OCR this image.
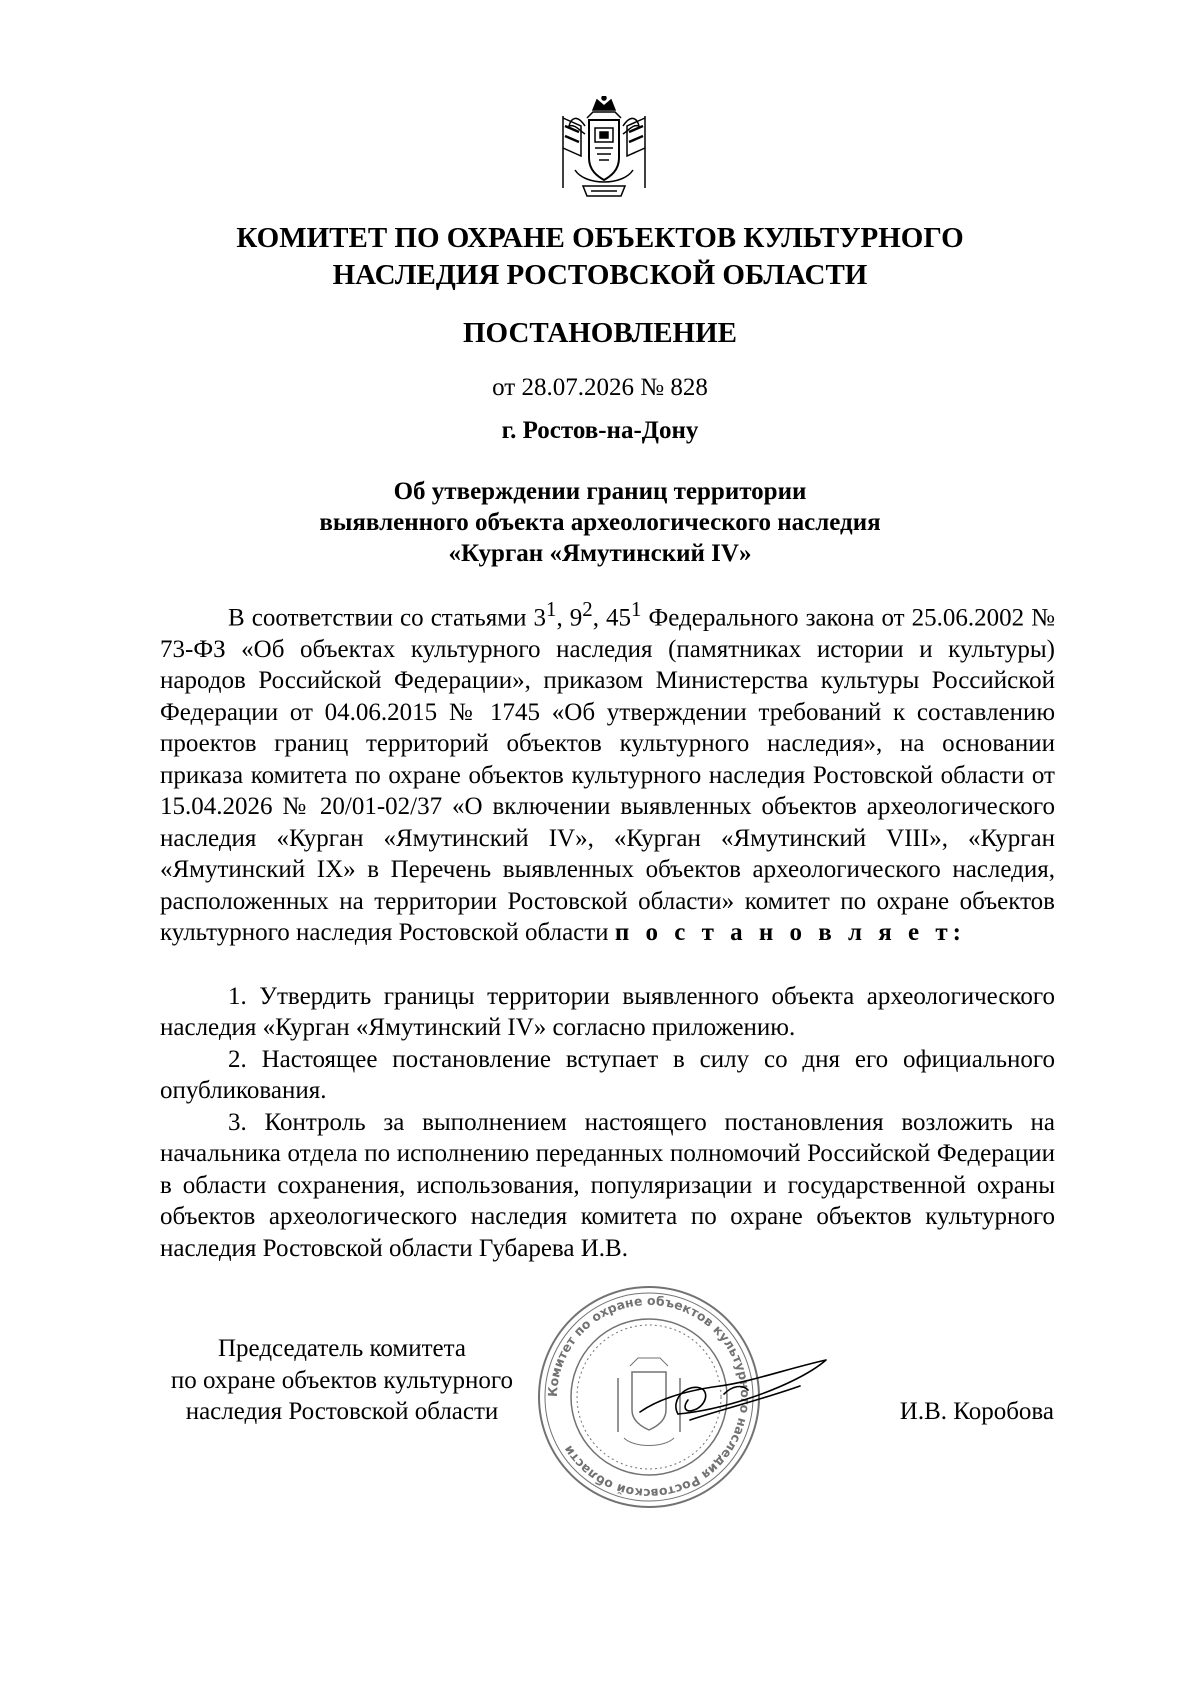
КОМИТЕТ ПО ОХРАНЕ ОБЪЕКТОВ КУЛЬТУРНОГО
НАСЛЕДИЯ РОСТОВСКОЙ ОБЛАСТИ
ПОСТАНОВЛЕНИЕ
от 28.07.2026 № 828
г. Ростов-на-Дону
Об утверждении границ территории
выявленного объекта археологического наследия
«Курган «Ямутинский IV»

В соответствии со статьями $3^1$, $9^2$, $45^1$ Федерального закона от 25.06.2002 № 73-ФЗ «Об объектах культурного наследия (памятниках истории и культуры) народов Российской Федерации», приказом Министерства культуры Российской Федерации от 04.06.2015 № 1745 «Об утверждении требований к составлению проектов границ территорий объектов культурного наследия», на основании приказа комитета по охране объектов культурного наследия Ростовской области от 15.04.2026 № 20/01-02/37 «О включении выявленных объектов археологического наследия «Курган «Ямутинский IV», «Курган «Ямутинский VIII», «Курган «Ямутинский IX» в Перечень выявленных объектов археологического наследия, расположенных на территории Ростовской области» комитет по охране объектов культурного наследия Ростовской области п о с т а н о в л я е т:

1. Утвердить границы территории выявленного объекта археологического наследия «Курган «Ямутинский IV» согласно приложению.

2. Настоящее постановление вступает в силу со дня его официального опубликования.

3. Контроль за выполнением настоящего постановления возложить на начальника отдела по исполнению переданных полномочий Российской Федерации в области сохранения, использования, популяризации и государственной охраны объектов археологического наследия комитета по охране объектов культурного наследия Ростовской области Губарева И.В.

Председатель комитета
по охране объектов культурного
наследия Ростовской области
Комитет по охране объектов культурного наследия Ростовской области
И.В. Коробова
